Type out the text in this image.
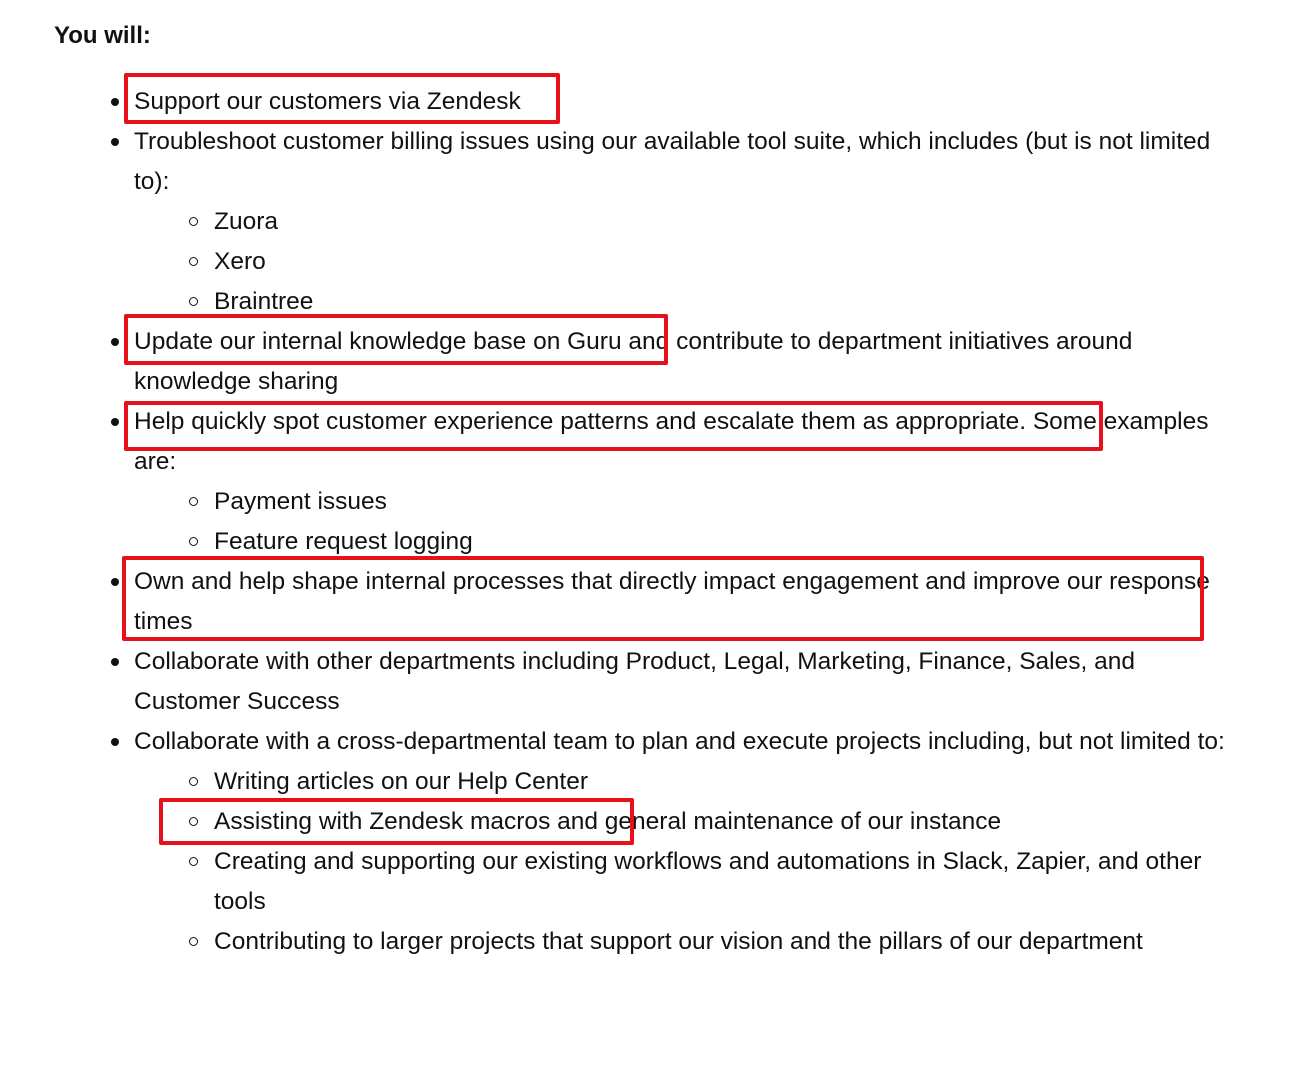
You will:
Support our customers via Zendesk
Troubleshoot customer billing issues using our available tool suite, which includes (but is not limited to):
Zuora
Xero
Braintree
Update our internal knowledge base on Guru and contribute to department initiatives around knowledge sharing
Help quickly spot customer experience patterns and escalate them as appropriate. Some examples are:
Payment issues
Feature request logging
Own and help shape internal processes that directly impact engagement and improve our response times
Collaborate with other departments including Product, Legal, Marketing, Finance, Sales, and Customer Success
Collaborate with a cross-departmental team to plan and execute projects including, but not limited to:
Writing articles on our Help Center
Assisting with Zendesk macros and general maintenance of our instance
Creating and supporting our existing workflows and automations in Slack, Zapier, and other tools
Contributing to larger projects that support our vision and the pillars of our department
